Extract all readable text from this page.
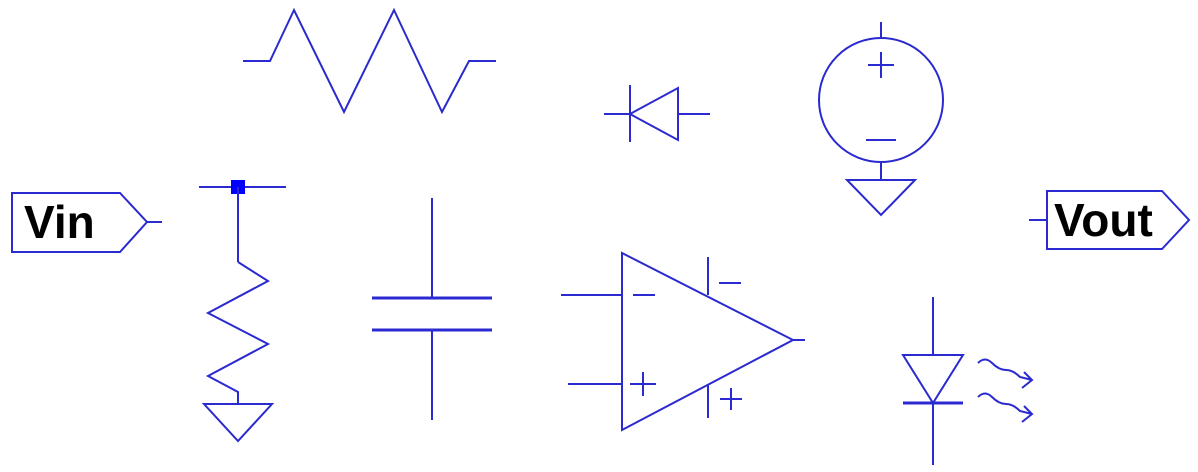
Vin	Vout
